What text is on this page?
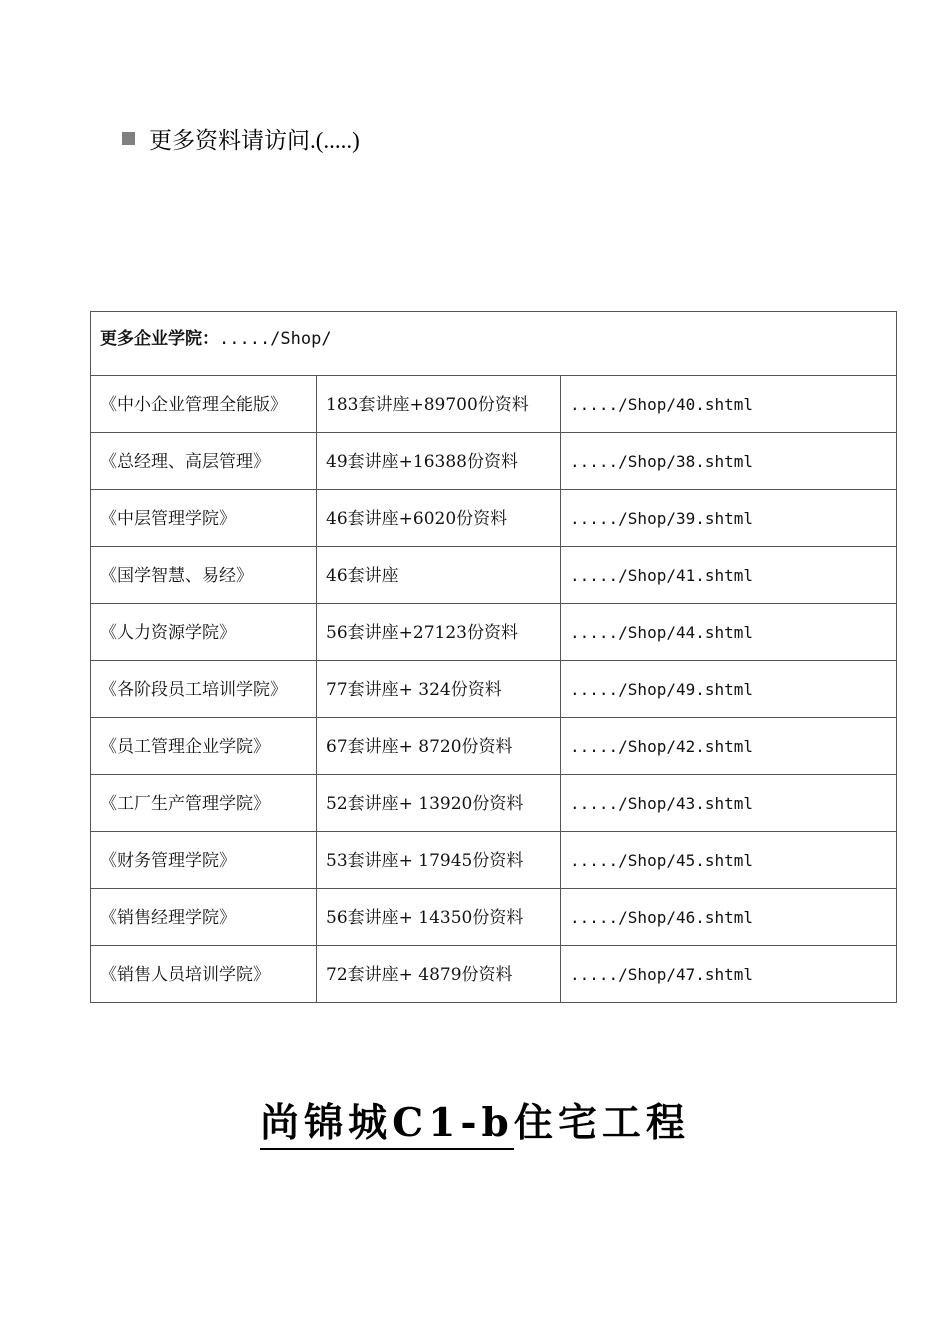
更多资料请访问.(.....)
更多企业学院：...../Shop/		
《中小企业管理全能版》	183套讲座+89700份资料	...../Shop/40.shtml
《总经理、高层管理》	49套讲座+16388份资料	...../Shop/38.shtml
《中层管理学院》	46套讲座+6020份资料	...../Shop/39.shtml
《国学智慧、易经》	46套讲座	...../Shop/41.shtml
《人力资源学院》	56套讲座+27123份资料	...../Shop/44.shtml
《各阶段员工培训学院》	77套讲座+ 324份资料	...../Shop/49.shtml
《员工管理企业学院》	67套讲座+ 8720份资料	...../Shop/42.shtml
《工厂生产管理学院》	52套讲座+ 13920份资料	...../Shop/43.shtml
《财务管理学院》	53套讲座+ 17945份资料	...../Shop/45.shtml
《销售经理学院》	56套讲座+ 14350份资料	...../Shop/46.shtml
《销售人员培训学院》	72套讲座+ 4879份资料	...../Shop/47.shtml
尚锦城C1-b住宅工程
